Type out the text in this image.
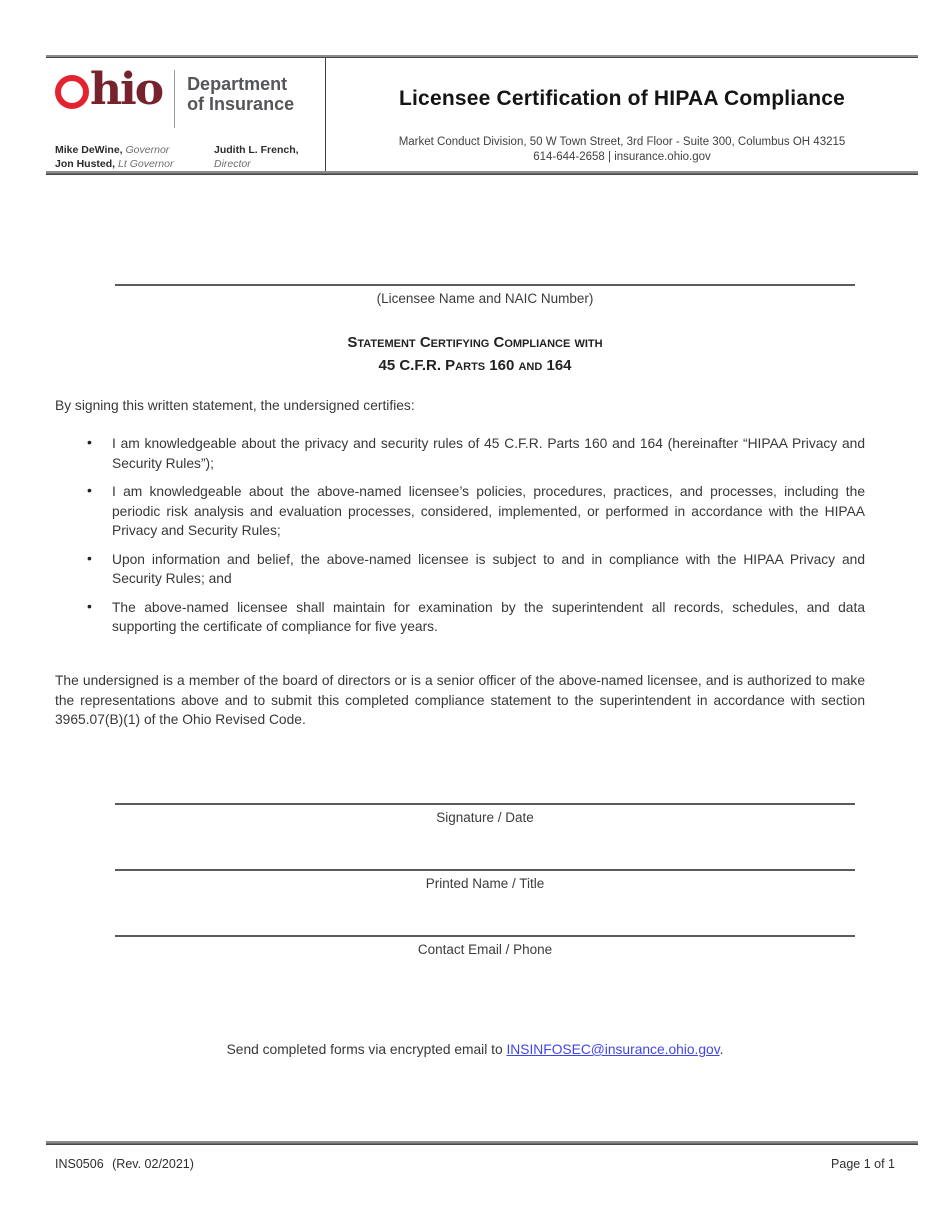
hio Department
of Insurance
Mike DeWine, Governor
Jon Husted, Lt Governor
Judith L. French, Director
Licensee Certification of HIPAA Compliance
Market Conduct Division, 50 W Town Street, 3rd Floor - Suite 300, Columbus OH 43215
614-644-2658 | insurance.ohio.gov
(Licensee Name and NAIC Number)
Statement Certifying Compliance with
45 C.F.R. Parts 160 and 164
By signing this written statement, the undersigned certifies:
• I am knowledgeable about the privacy and security rules of 45 C.F.R. Parts 160 and 164 (hereinafter “HIPAA Privacy and Security Rules”);
• I am knowledgeable about the above-named licensee’s policies, procedures, practices, and processes, including the periodic risk analysis and evaluation processes, considered, implemented, or performed in accordance with the HIPAA Privacy and Security Rules;
• Upon information and belief, the above-named licensee is subject to and in compliance with the HIPAA Privacy and Security Rules; and
• The above-named licensee shall maintain for examination by the superintendent all records, schedules, and data supporting the certificate of compliance for five years.
The undersigned is a member of the board of directors or is a senior officer of the above-named licensee, and is authorized to make the representations above and to submit this completed compliance statement to the superintendent in accordance with section 3965.07(B)(1) of the Ohio Revised Code.
Signature / Date
Printed Name / Title
Contact Email / Phone
Send completed forms via encrypted email to INSINFOSEC@insurance.ohio.gov.
INS0506 (Rev. 02/2021)	Page 1 of 1
